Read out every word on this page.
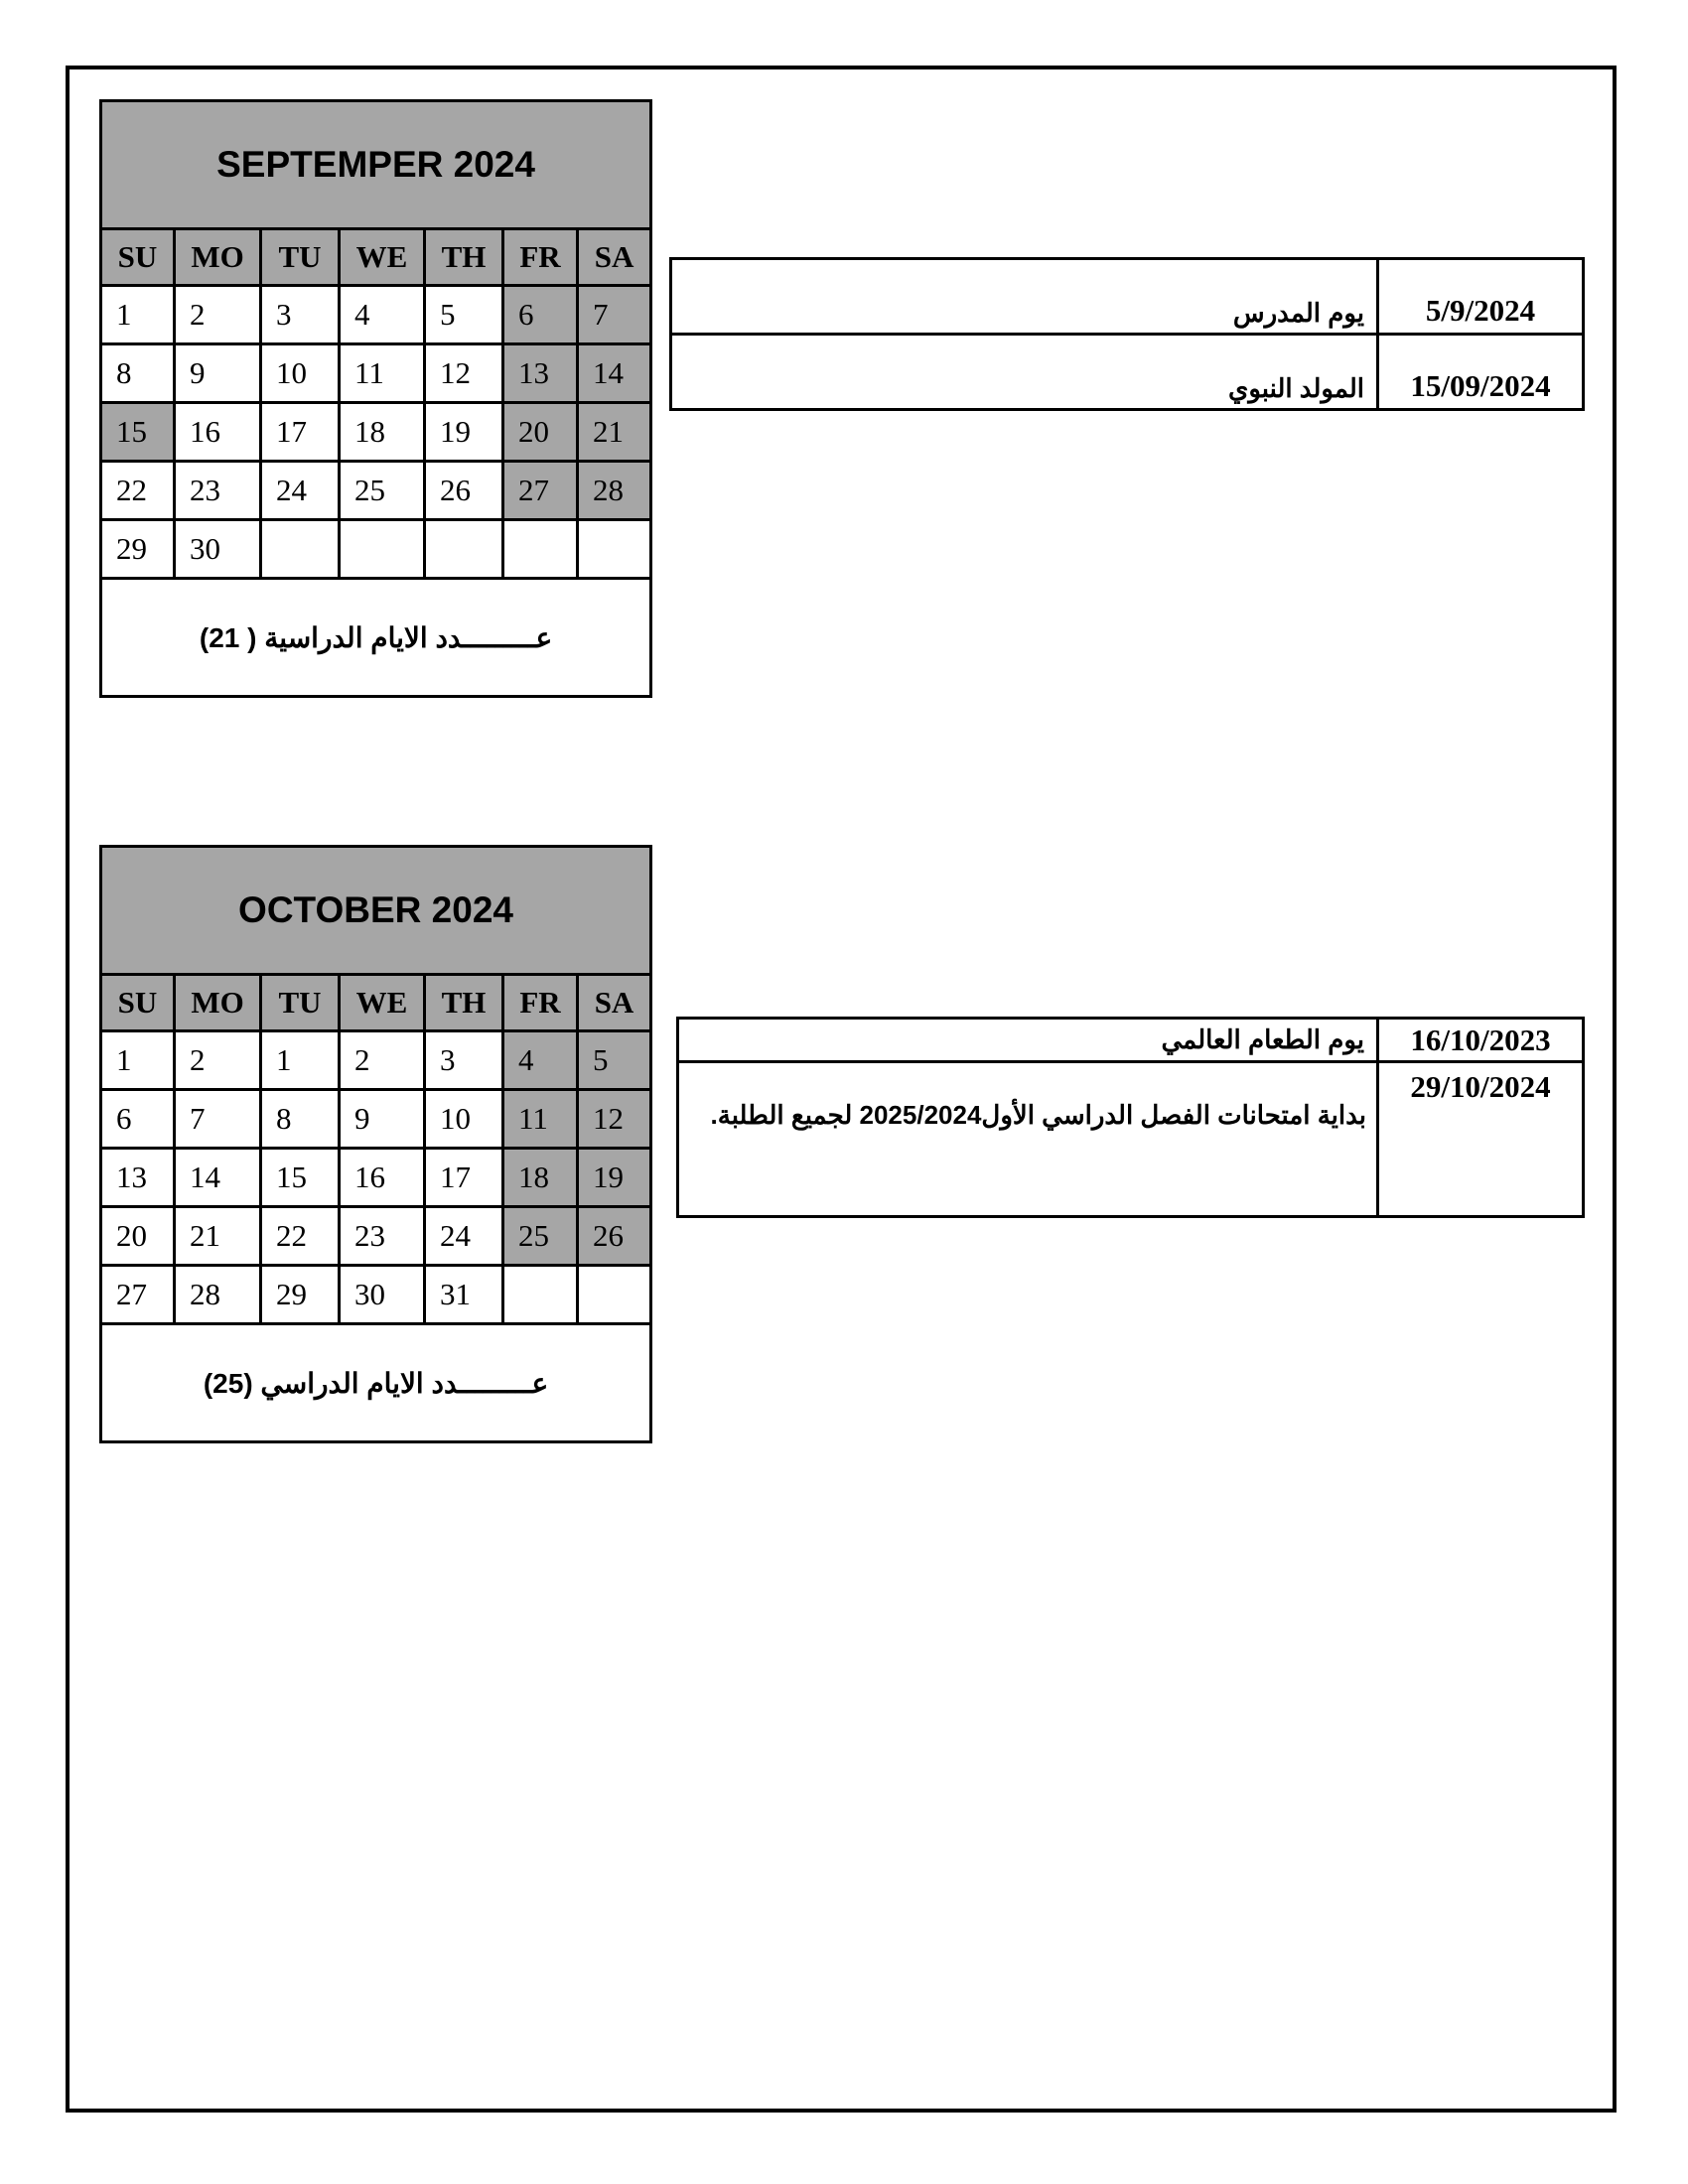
SEPTEMPER 2024						
SU	MO	TU	WE	TH	FR	SA
1	2	3	4	5	6	7
8	9	10	11	12	13	14
15	16	17	18	19	20	21
22	23	24	25	26	27	28
29	30					
عـــــــــدد الايام الدراسية ( 21)						
OCTOBER 2024						
SU	MO	TU	WE	TH	FR	SA
1	2	1	2	3	4	5
6	7	8	9	10	11	12
13	14	15	16	17	18	19
20	21	22	23	24	25	26
27	28	29	30	31		
عـــــــــدد الايام الدراسي (25)						
يوم المدرس	5/9/2024
المولد النبوي	15/09/2024
يوم الطعام العالمي	16/10/2023
بداية امتحانات الفصل الدراسي الأول2025/2024 لجميع الطلبة.	29/10/2024
